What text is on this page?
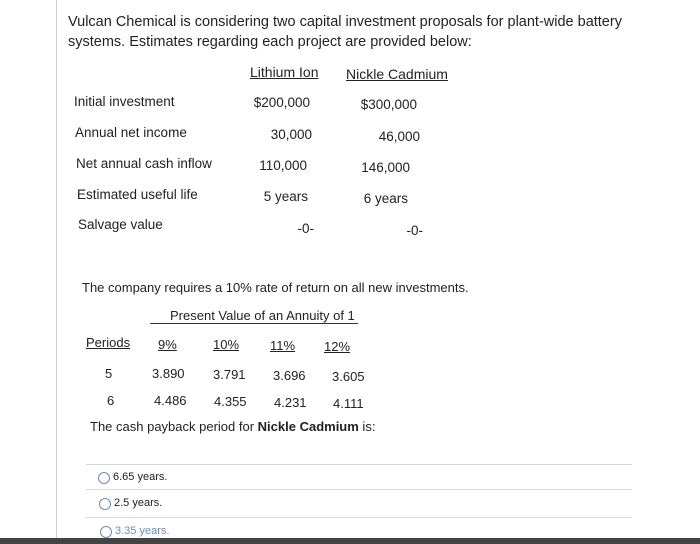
Vulcan Chemical is considering two capital investment proposals for plant-wide battery systems. Estimates regarding each project are provided below:
Lithium Ion Nickle Cadmium
Initial investment	$200,000	$300,000
Annual net income	30,000	46,000
Net annual cash inflow	110,000	146,000
Estimated useful life	5 years	6 years
Salvage value	-0-	-0-
The company requires a 10% rate of return on all new investments.
Present Value of an Annuity of 1
Periods 9%	10% 11% 12%
5	3.890 3.791 3.696 3.605
6	4.486 4.355 4.231 4.111
The cash payback period for Nickle Cadmium is:
6.65 years.
2.5 years.
3.35 years.
